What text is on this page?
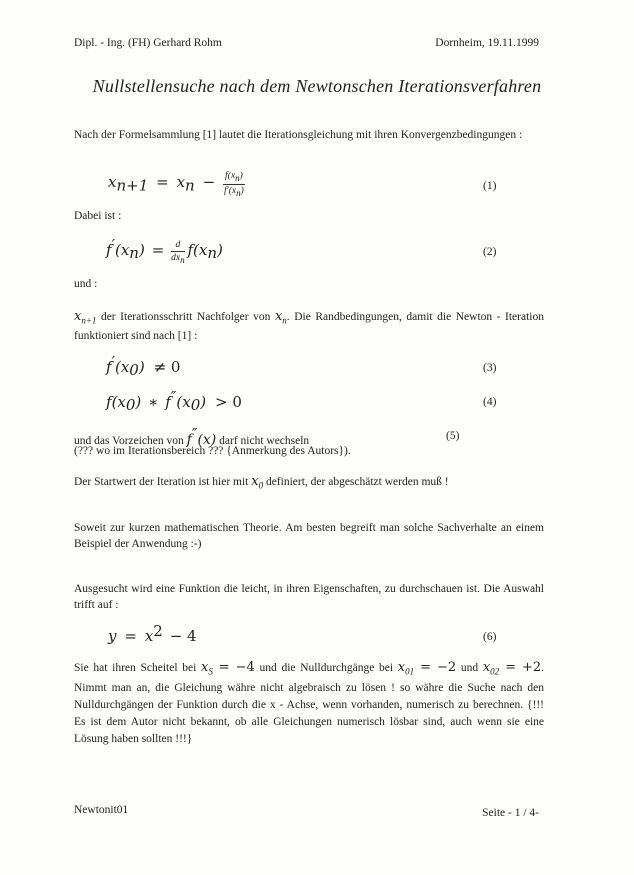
Dipl. - Ing. (FH) Gerhard Rohm	Dornheim, 19.11.1999
Nullstellensuche nach dem Newtonschen Iterationsverfahren
Nach der Formelsammlung [1] lautet die Iterationsgleichung mit ihren Konvergenzbedingungen :
$x_{n+1} = x_n - \frac{f(x_n)}{f'(x_n)}$	(1)
Dabei ist :
$f'(x_n) = \frac{d}{dx_n} f(x_n)$	(2)
und :
$x_{n+1}$ der Iterationsschritt Nachfolger von $x_n$. Die Randbedingungen, damit die Newton - Iteration funktioniert sind nach [1] :
$f'(x_0) \ne 0$	(3)
$f(x_0)$ ∗ $f''(x_0) > 0$	(4)
und das Vorzeichen von f″(x) darf nicht wechseln	(5)
(??? wo im Iterationsbereich ??? {Anmerkung des Autors}).
Der Startwert der Iteration ist hier mit $x_0$ definiert, der abgeschätzt werden muß !
Soweit zur kurzen mathematischen Theorie. Am besten begreift man solche Sachverhalte an einem Beispiel der Anwendung :-)
Ausgesucht wird eine Funktion die leicht, in ihren Eigenschaften, zu durchschauen ist. Die Auswahl trifft auf :
$y = x^2 - 4$	(6)
Sie hat ihren Scheitel bei $x_S = -4$ und die Nulldurchgänge bei $x_{01} = -2$ und $x_{02} = +2$. Nimmt man an, die Gleichung währe nicht algebraisch zu lösen ! so währe die Suche nach den Nulldurchgängen der Funktion durch die x - Achse, wenn vorhanden, numerisch zu berechnen. {!!! Es ist dem Autor nicht bekannt, ob alle Gleichungen numerisch lösbar sind, auch wenn sie eine Lösung haben sollten !!!}
Newtonit01	Seite - 1 / 4-
